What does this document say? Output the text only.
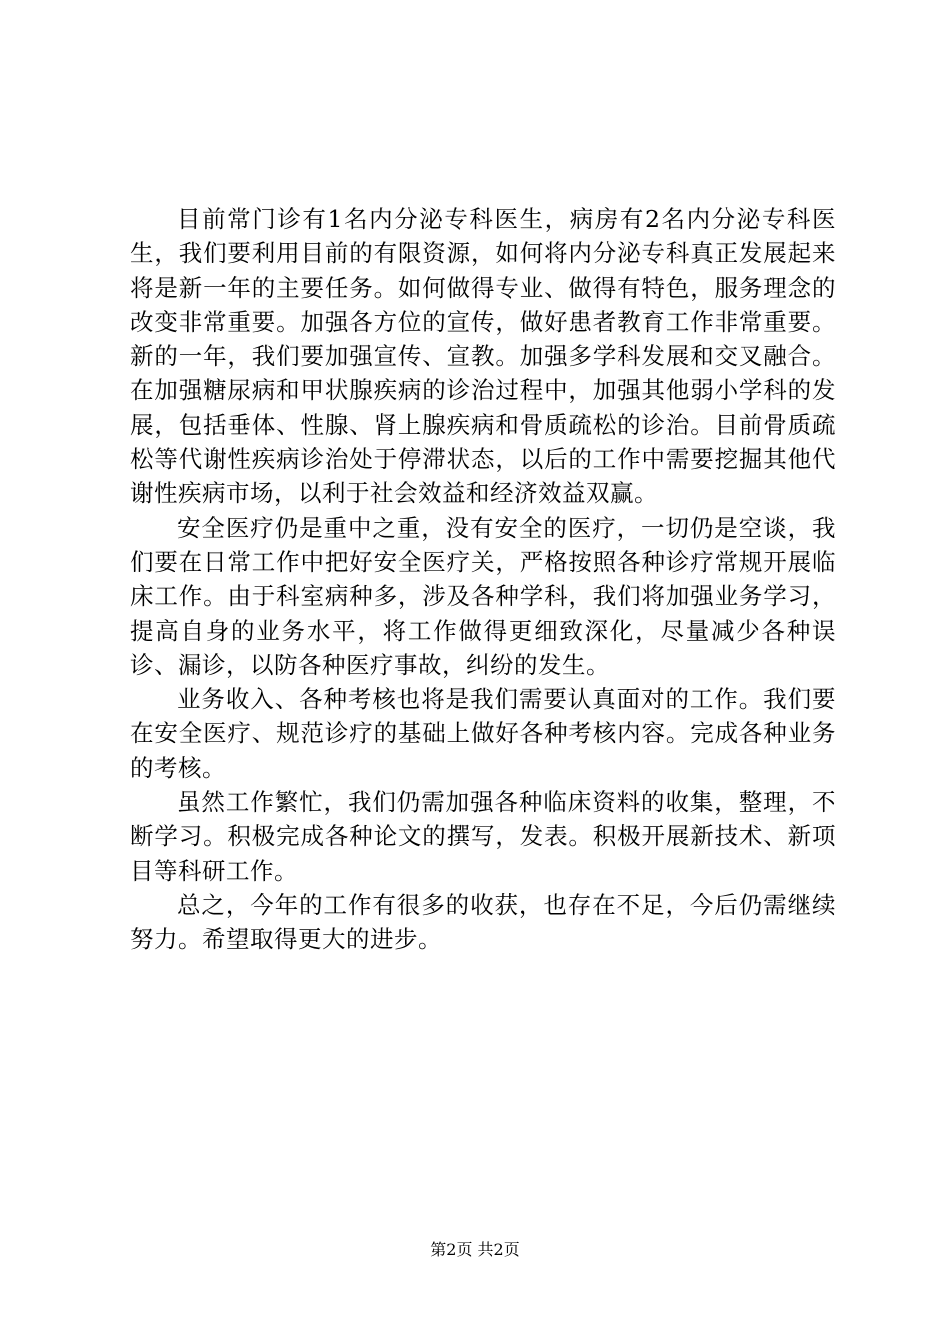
目前常门诊有1名内分泌专科医生，病房有2名内分泌专科医生，我们要利用目前的有限资源，如何将内分泌专科真正发展起来将是新一年的主要任务。如何做得专业、做得有特色，服务理念的改变非常重要。加强各方位的宣传，做好患者教育工作非常重要。新的一年，我们要加强宣传、宣教。加强多学科发展和交叉融合。在加强糖尿病和甲状腺疾病的诊治过程中，加强其他弱小学科的发展，包括垂体、性腺、肾上腺疾病和骨质疏松的诊治。目前骨质疏松等代谢性疾病诊治处于停滞状态，以后的工作中需要挖掘其他代谢性疾病市场，以利于社会效益和经济效益双赢。

安全医疗仍是重中之重，没有安全的医疗，一切仍是空谈，我们要在日常工作中把好安全医疗关，严格按照各种诊疗常规开展临床工作。由于科室病种多，涉及各种学科，我们将加强业务学习，提高自身的业务水平，将工作做得更细致深化，尽量减少各种误诊、漏诊，以防各种医疗事故，纠纷的发生。

业务收入、各种考核也将是我们需要认真面对的工作。我们要在安全医疗、规范诊疗的基础上做好各种考核内容。完成各种业务的考核。

虽然工作繁忙，我们仍需加强各种临床资料的收集，整理，不断学习。积极完成各种论文的撰写，发表。积极开展新技术、新项目等科研工作。

总之，今年的工作有很多的收获，也存在不足，今后仍需继续努力。希望取得更大的进步。

第2页 共2页
